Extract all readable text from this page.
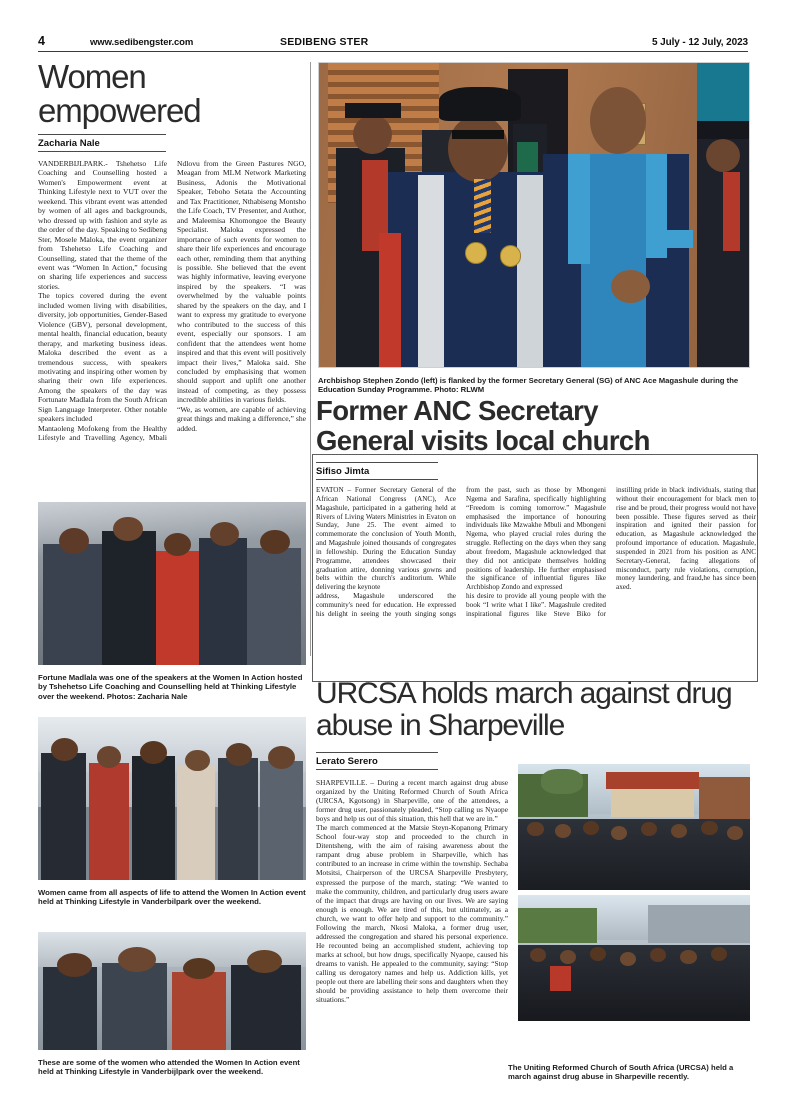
4	www.sedibengster.com	SEDIBENG STER	5 July - 12 July, 2023
Women empowered
Zacharia Nale

VANDERBIJLPARK.- Tshehetso Life Coaching and Counselling hosted a Women's Empowerment event at Thinking Lifestyle next to VUT over the weekend. This vibrant event was attended by women of all ages and backgrounds, who dressed up with fashion and style as the order of the day. Speaking to Sedibeng Ster, Mosele Maloka, the event organizer from Tshehetso Life Coaching and Counselling, stated that the theme of the event was “Women In Action,” focusing on sharing life experiences and success stories.

The topics covered during the event included women living with disabilities, diversity, job opportunities, Gender-Based Violence (GBV), personal development, mental health, financial education, beauty therapy, and marketing business ideas. Maloka described the event as a tremendous success, with speakers motivating and inspiring other women by sharing their own life experiences. Among the speakers of the day was Fortunate Madlala from the South African Sign Language Interpreter. Other notable speakers included

Mantaoleng Mofokeng from the Healthy Lifestyle and Travelling Agency, Mbali Ndlovu from the Green Pastures NGO, Meagan from MLM Network Marketing Business, Adonis the Motivational Speaker, Teboho Setata the Accounting and Tax Practitioner, Nthabiseng Montsho the Life Coach, TV Presenter, and Author, and Maleemisa Khomongoe the Beauty Specialist. Maloka expressed the importance of such events for women to share their life experiences and encourage each other, reminding them that anything is possible. She believed that the event was highly informative, leaving everyone inspired by the speakers. “I was overwhelmed by the valuable points shared by the speakers on the day, and I want to express my gratitude to everyone who contributed to the success of this event, especially our sponsors. I am confident that the attendees went home inspired and that this event will positively impact their lives,” Maloka said. She concluded by emphasising that women should support and uplift one another instead of competing, as they possess incredible abilities in various fields.

“We, as women, are capable of achieving great things and making a difference,” she added.

Fortune Madlala was one of the speakers at the Women In Action hosted by Tshehetso Life Coaching and Counselling held at Thinking Lifestyle over the weekend. Photos: Zacharia Nale
Women came from all aspects of life to attend the Women In Action event held at Thinking Lifestyle in Vanderbilpark over the weekend.
These are some of the women who attended the Women In Action event held at Thinking Lifestyle in Vanderbijlpark over the weekend.
Archbishop Stephen Zondo (left) is flanked by the former Secretary General (SG) of ANC Ace Magashule during the Education Sunday Programme. Photo: RLWM
Former ANC Secretary
General visits local church
Sifiso Jimta

EVATON – Former Secretary General of the African National Congress (ANC), Ace Magashule, participated in a gathering held at Rivers of Living Waters Ministries in Evaton on Sunday, June 25. The event aimed to commemorate the conclusion of Youth Month, and Magashule joined thousands of congregates in fellowship. During the Education Sunday Programme, attendees showcased their graduation attire, donning various gowns and belts within the church's auditorium. While delivering the keynote

address, Magashule underscored the community's need for education. He expressed his delight in seeing the youth singing songs from the past, such as those by Mbongeni Ngema and Sarafina, specifically highlighting “Freedom is coming tomorrow.” Magashule emphasised the importance of honouring individuals like Mzwakhe Mbuli and Mbongeni Ngema, who played crucial roles during the struggle. Reflecting on the days when they sang about freedom, Magashule acknowledged that they did not anticipate themselves holding positions of leadership. He further emphasised the significance of influential figures like Archbishop Zondo and expressed

his desire to provide all young people with the book “I write what I like”. Magashule credited inspirational figures like Steve Biko for instilling pride in black individuals, stating that without their encouragement for black men to rise and be proud, their progress would not have been possible. These figures served as their inspiration and ignited their passion for education, as Magashule acknowledged the profound importance of education. Magashule, suspended in 2021 from his position as ANC Secretary-General, facing allegations of misconduct, party rule violations, corruption, money laundering, and fraud,he has since been axed.

URCSA holds march against drug
abuse in Sharpeville
Lerato Serero

SHARPEVILLE. – During a recent march against drug abuse organized by the Uniting Reformed Church of South Africa (URCSA, Kgotsong) in Sharpeville, one of the attendees, a former drug user, passionately pleaded, “Stop calling us Nyaope boys and help us out of this situation, this hell that we are in.”

The march commenced at the Matsie Steyn-Kopanong Primary School four-way stop and proceeded to the church in Ditentsheng, with the aim of raising awareness about the rampant drug abuse problem in Sharpeville, which has contributed to an increase in crime within the township. Sechaba Motsitsi, Chairperson of the URCSA Sharpeville Presbytery, expressed the purpose of the march, stating: “We wanted to make the community, children, and particularly drug users aware of the impact that drugs are having on our lives. We are saying enough is enough. We are tired of this, but ultimately, as a church, we want to offer help and support to the community.” Following the march, Nkosi Maloka, a former drug user, addressed the congregation and shared his personal experience. He recounted being an accomplished student, achieving top marks at school, but how drugs, specifically Nyaope, caused his dreams to vanish. He appealed to the community, saying: “Stop calling us derogatory names and help us. Addiction kills, yet people out there are labelling their sons and daughters when they should be providing assistance to help them overcome their situations.”

The Uniting Reformed Church of South Africa (URCSA) held a march against drug abuse in Sharpeville recently.
